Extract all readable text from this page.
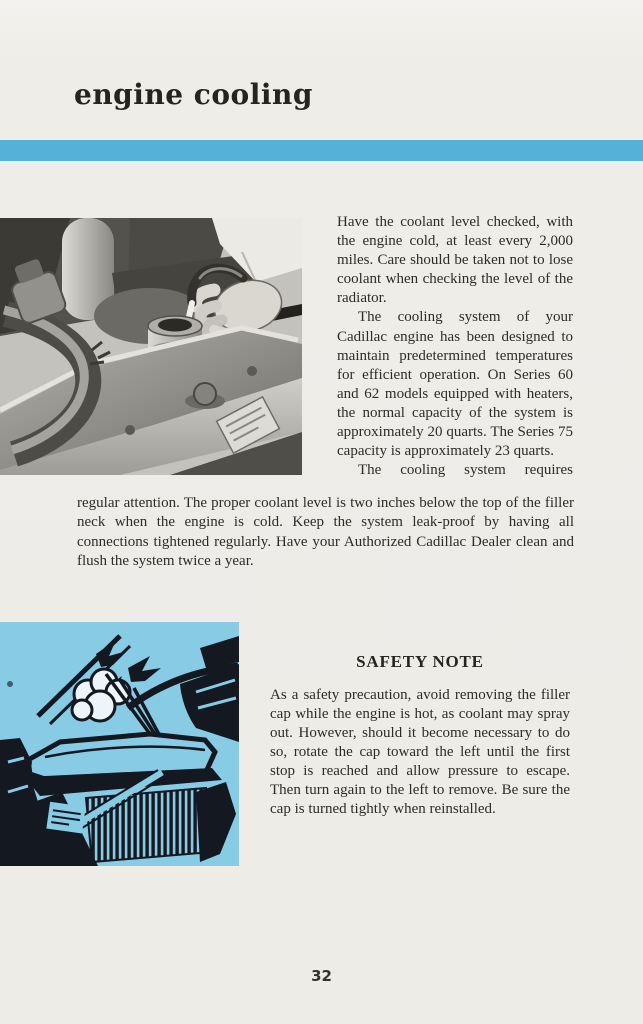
engine cooling

Have the coolant level checked, with the engine cold, at least every 2,000 miles. Care should be taken not to lose coolant when checking the level of the radiator.

The cooling system of your Cadillac engine has been designed to maintain predetermined temperatures for efficient operation. On Series 60 and 62 models equipped with heaters, the normal capacity of the system is approximately 20 quarts. The Series 75 capacity is approximately 23 quarts.

The cooling system requires

regular attention. The proper coolant level is two inches below the top of the filler neck when the engine is cold. Keep the system leak-proof by having all connections tightened regularly. Have your Authorized Cadillac Dealer clean and flush the system twice a year.

SAFETY NOTE

As a safety precaution, avoid removing the filler cap while the engine is hot, as coolant may spray out. However, should it become necessary to do so, rotate the cap toward the left until the first stop is reached and allow pressure to escape. Then turn again to the left to remove. Be sure the cap is turned tightly when reinstalled.

32
